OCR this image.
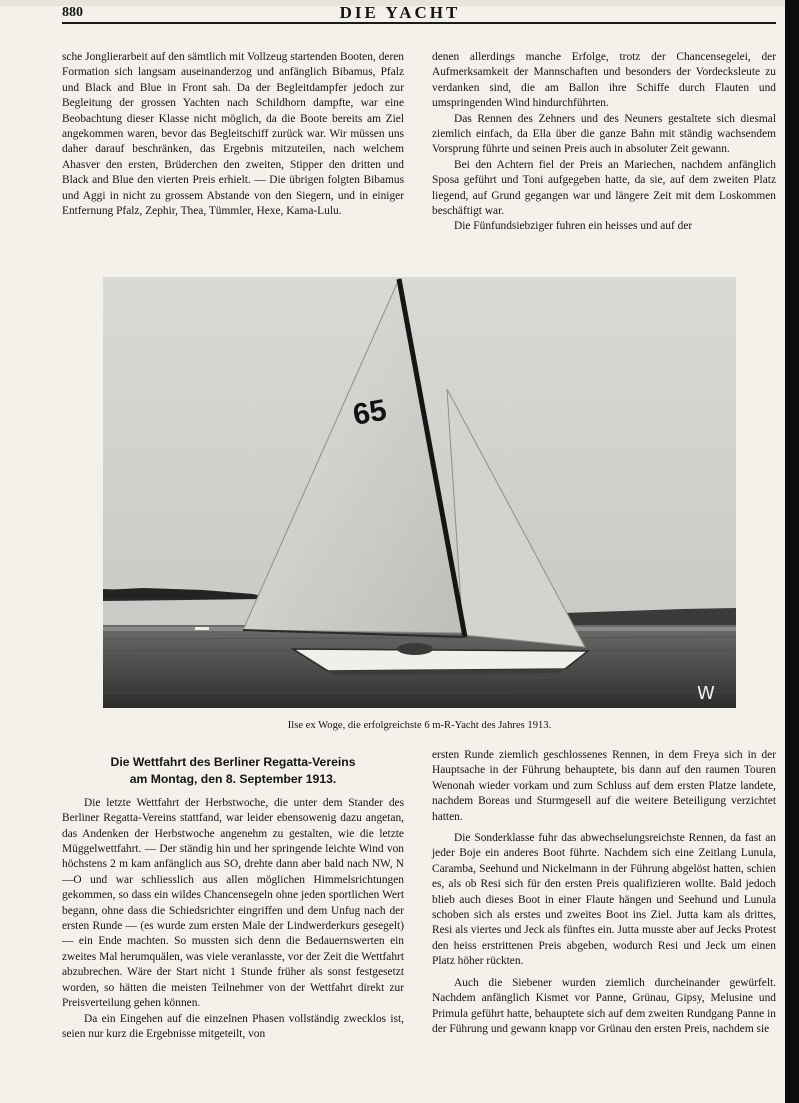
880	DIE YACHT

sche Jonglierarbeit auf den sämtlich mit Vollzeug startenden Booten, deren Formation sich langsam auseinanderzog und anfänglich Bibamus, Pfalz und Black and Blue in Front sah. Da der Begleitdampfer jedoch zur Begleitung der grossen Yachten nach Schildhorn dampfte, war eine Beobachtung dieser Klasse nicht möglich, da die Boote bereits am Ziel angekommen waren, bevor das Begleitschiff zurück war. Wir müssen uns daher darauf beschränken, das Ergebnis mitzuteilen, nach welchem Ahasver den ersten, Brüderchen den zweiten, Stipper den dritten und Black and Blue den vierten Preis erhielt. — Die übrigen folgten Bibamus und Aggi in nicht zu grossem Abstande von den Siegern, und in einiger Entfernung Pfalz, Zephir, Thea, Tümmler, Hexe, Kama-Lulu.

denen allerdings manche Erfolge, trotz der Chancensegelei, der Aufmerksamkeit der Mannschaften und besonders der Vordecksleute zu verdanken sind, die am Ballon ihre Schiffe durch Flauten und umspringenden Wind hindurchführten.

Das Rennen des Zehners und des Neuners gestaltete sich diesmal ziemlich einfach, da Ella über die ganze Bahn mit ständig wachsendem Vorsprung führte und seinen Preis auch in absoluter Zeit gewann.

Bei den Achtern fiel der Preis an Mariechen, nachdem anfänglich Sposa geführt und Toni aufgegeben hatte, da sie, auf dem zweiten Platz liegend, auf Grund gegangen war und längere Zeit mit dem Loskommen beschäftigt war.

Die Fünfundsiebziger fuhren ein heisses und auf der

65
W
Ilse ex Woge, die erfolgreichste 6 m-R-Yacht des Jahres 1913.
Die Wettfahrt des Berliner Regatta-Vereins
am Montag, den 8. September 1913.

Die letzte Wettfahrt der Herbstwoche, die unter dem Stander des Berliner Regatta-Vereins stattfand, war leider ebensowenig dazu angetan, das Andenken der Herbstwoche angenehm zu gestalten, wie die letzte Müggelwettfahrt. — Der ständig hin und her springende leichte Wind von höchstens 2 m kam anfänglich aus SO, drehte dann aber bald nach NW, N—O und war schliesslich aus allen möglichen Himmelsrichtungen gekommen, so dass ein wildes Chancensegeln ohne jeden sportlichen Wert begann, ohne dass die Schiedsrichter eingriffen und dem Unfug nach der ersten Runde — (es wurde zum ersten Male der Lindwerderkurs gesegelt) — ein Ende machten. So mussten sich denn die Bedauernswerten ein zweites Mal herumquälen, was viele veranlasste, vor der Zeit die Wettfahrt abzubrechen. Wäre der Start nicht 1 Stunde früher als sonst festgesetzt worden, so hätten die meisten Teilnehmer von der Wettfahrt direkt zur Preisverteilung gehen können.

Da ein Eingehen auf die einzelnen Phasen vollständig zwecklos ist, seien nur kurz die Ergebnisse mitgeteilt, von

ersten Runde ziemlich geschlossenes Rennen, in dem Freya sich in der Hauptsache in der Führung behauptete, bis dann auf den raumen Touren Wenonah wieder vorkam und zum Schluss auf dem ersten Platze landete, nachdem Boreas und Sturmgesell auf die weitere Beteiligung verzichtet hatten.

Die Sonderklasse fuhr das abwechselungsreichste Rennen, da fast an jeder Boje ein anderes Boot führte. Nachdem sich eine Zeitlang Lunula, Caramba, Seehund und Nickelmann in der Führung abgelöst hatten, schien es, als ob Resi sich für den ersten Preis qualifizieren wollte. Bald jedoch blieb auch dieses Boot in einer Flaute hängen und Seehund und Lunula schoben sich als erstes und zweites Boot ins Ziel. Jutta kam als drittes, Resi als viertes und Jeck als fünftes ein. Jutta musste aber auf Jecks Protest den heiss erstrittenen Preis abgeben, wodurch Resi und Jeck um einen Platz höher rückten.

Auch die Siebener wurden ziemlich durcheinander gewürfelt. Nachdem anfänglich Kismet vor Panne, Grünau, Gipsy, Melusine und Primula geführt hatte, behauptete sich auf dem zweiten Rundgang Panne in der Führung und gewann knapp vor Grünau den ersten Preis, nachdem sie
